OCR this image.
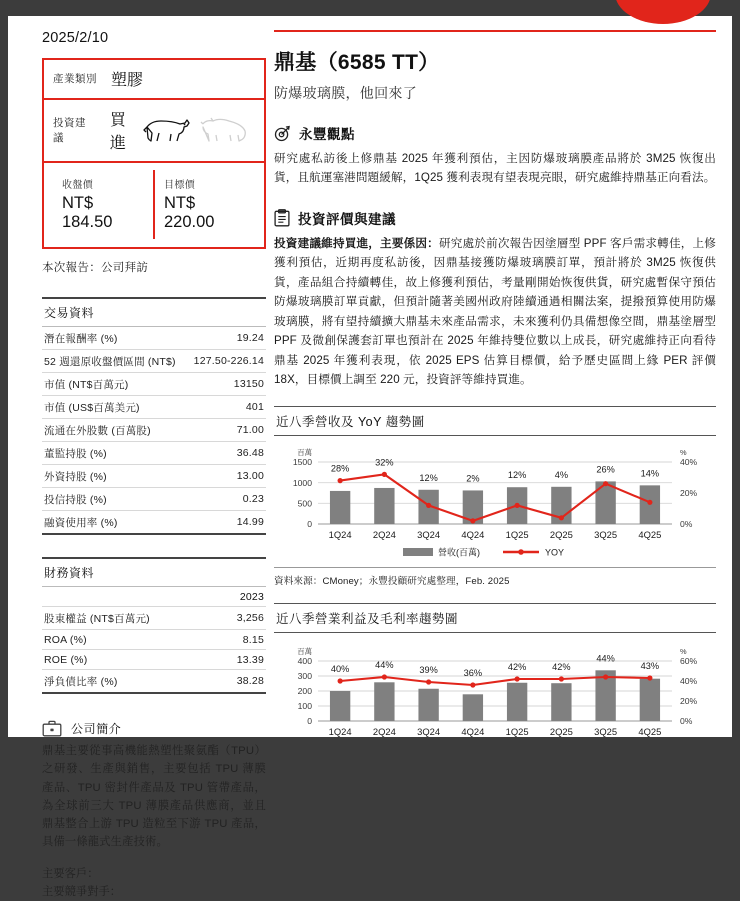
2025/2/10
產業類別 塑膠
投資建議
買進
收盤價
NT$ 184.50
目標價
NT$ 220.00
本次報告：公司拜訪
交易資料
潛在報酬率 (%)	19.24
52 週還原收盤價區間 (NT$)	127.50-226.14
市值 (NT$百萬元)	13150
市值 (US$百萬美元)	401
流通在外股數 (百萬股)	71.00
董監持股 (%)	36.48
外資持股 (%)	13.00
投信持股 (%)	0.23
融資使用率 (%)	14.99
財務資料
	2023
股東權益 (NT$百萬元)	3,256
ROA (%)	8.15
ROE (%)	13.39
淨負債比率 (%)	38.28
公司簡介
鼎基主要從事高機能熱塑性聚氨酯（TPU）之研發、生產與銷售，主要包括 TPU 薄膜產品、TPU 密封件產品及 TPU 管帶產品，為全球前三大 TPU 薄膜產品供應商，並且鼎基整合上游 TPU 造粒至下游 TPU 產品，具備一條龍式生產技術。
主要客戶：
主要競爭對手：
鼎基（6585 TT）
防爆玻璃膜，他回來了
永豐觀點
研究處私訪後上修鼎基 2025 年獲利預估，主因防爆玻璃膜產品將於 3M25 恢復出貨，且航運塞港問題緩解，1Q25 獲利表現有望表現亮眼，研究處維持鼎基正向看法。
投資評價與建議
投資建議維持買進，主要係因：研究處於前次報告因塗層型 PPF 客戶需求轉佳，上修獲利預估，近期再度私訪後，因鼎基接獲防爆玻璃膜訂單，預計將於 3M25 恢復供貨，產品組合持續轉佳，故上修獲利預估，考量剛開始恢復供貨，研究處暫保守預估防爆玻璃膜訂單貢獻，但預計隨著美國州政府陸續通過相關法案，提撥預算使用防爆玻璃膜，將有望持續擴大鼎基未來產品需求，未來獲利仍具備想像空間，鼎基塗層型 PPF 及微創保護套訂單也預計在 2025 年維持雙位數以上成長，研究處維持正向看待鼎基 2025 年獲利表現，依 2025 EPS 估算目標價，給予歷史區間上緣 PER 評價 18X，目標價上調至 220 元，投資評等維持買進。
近八季營收及 YoY 趨勢圖
0
500
1000
1500
0%
20%
40%
百萬	%
28%
32%
12%	2%	12%	4%
26%	14%
1Q24 2Q24 3Q24 4Q24 1Q25 2Q25 3Q25 4Q25
營收(百萬)	YOY
資料來源：CMoney；永豐投顧研究處整理，Feb. 2025
近八季營業利益及毛利率趨勢圖
0
100
200
300
400
0%
20%
40%
60%
百萬	%
40%	44%	39%	36%
42%	42%
44%
43%
1Q24 2Q24 3Q24 4Q24 1Q25 2Q25 3Q25 4Q25
